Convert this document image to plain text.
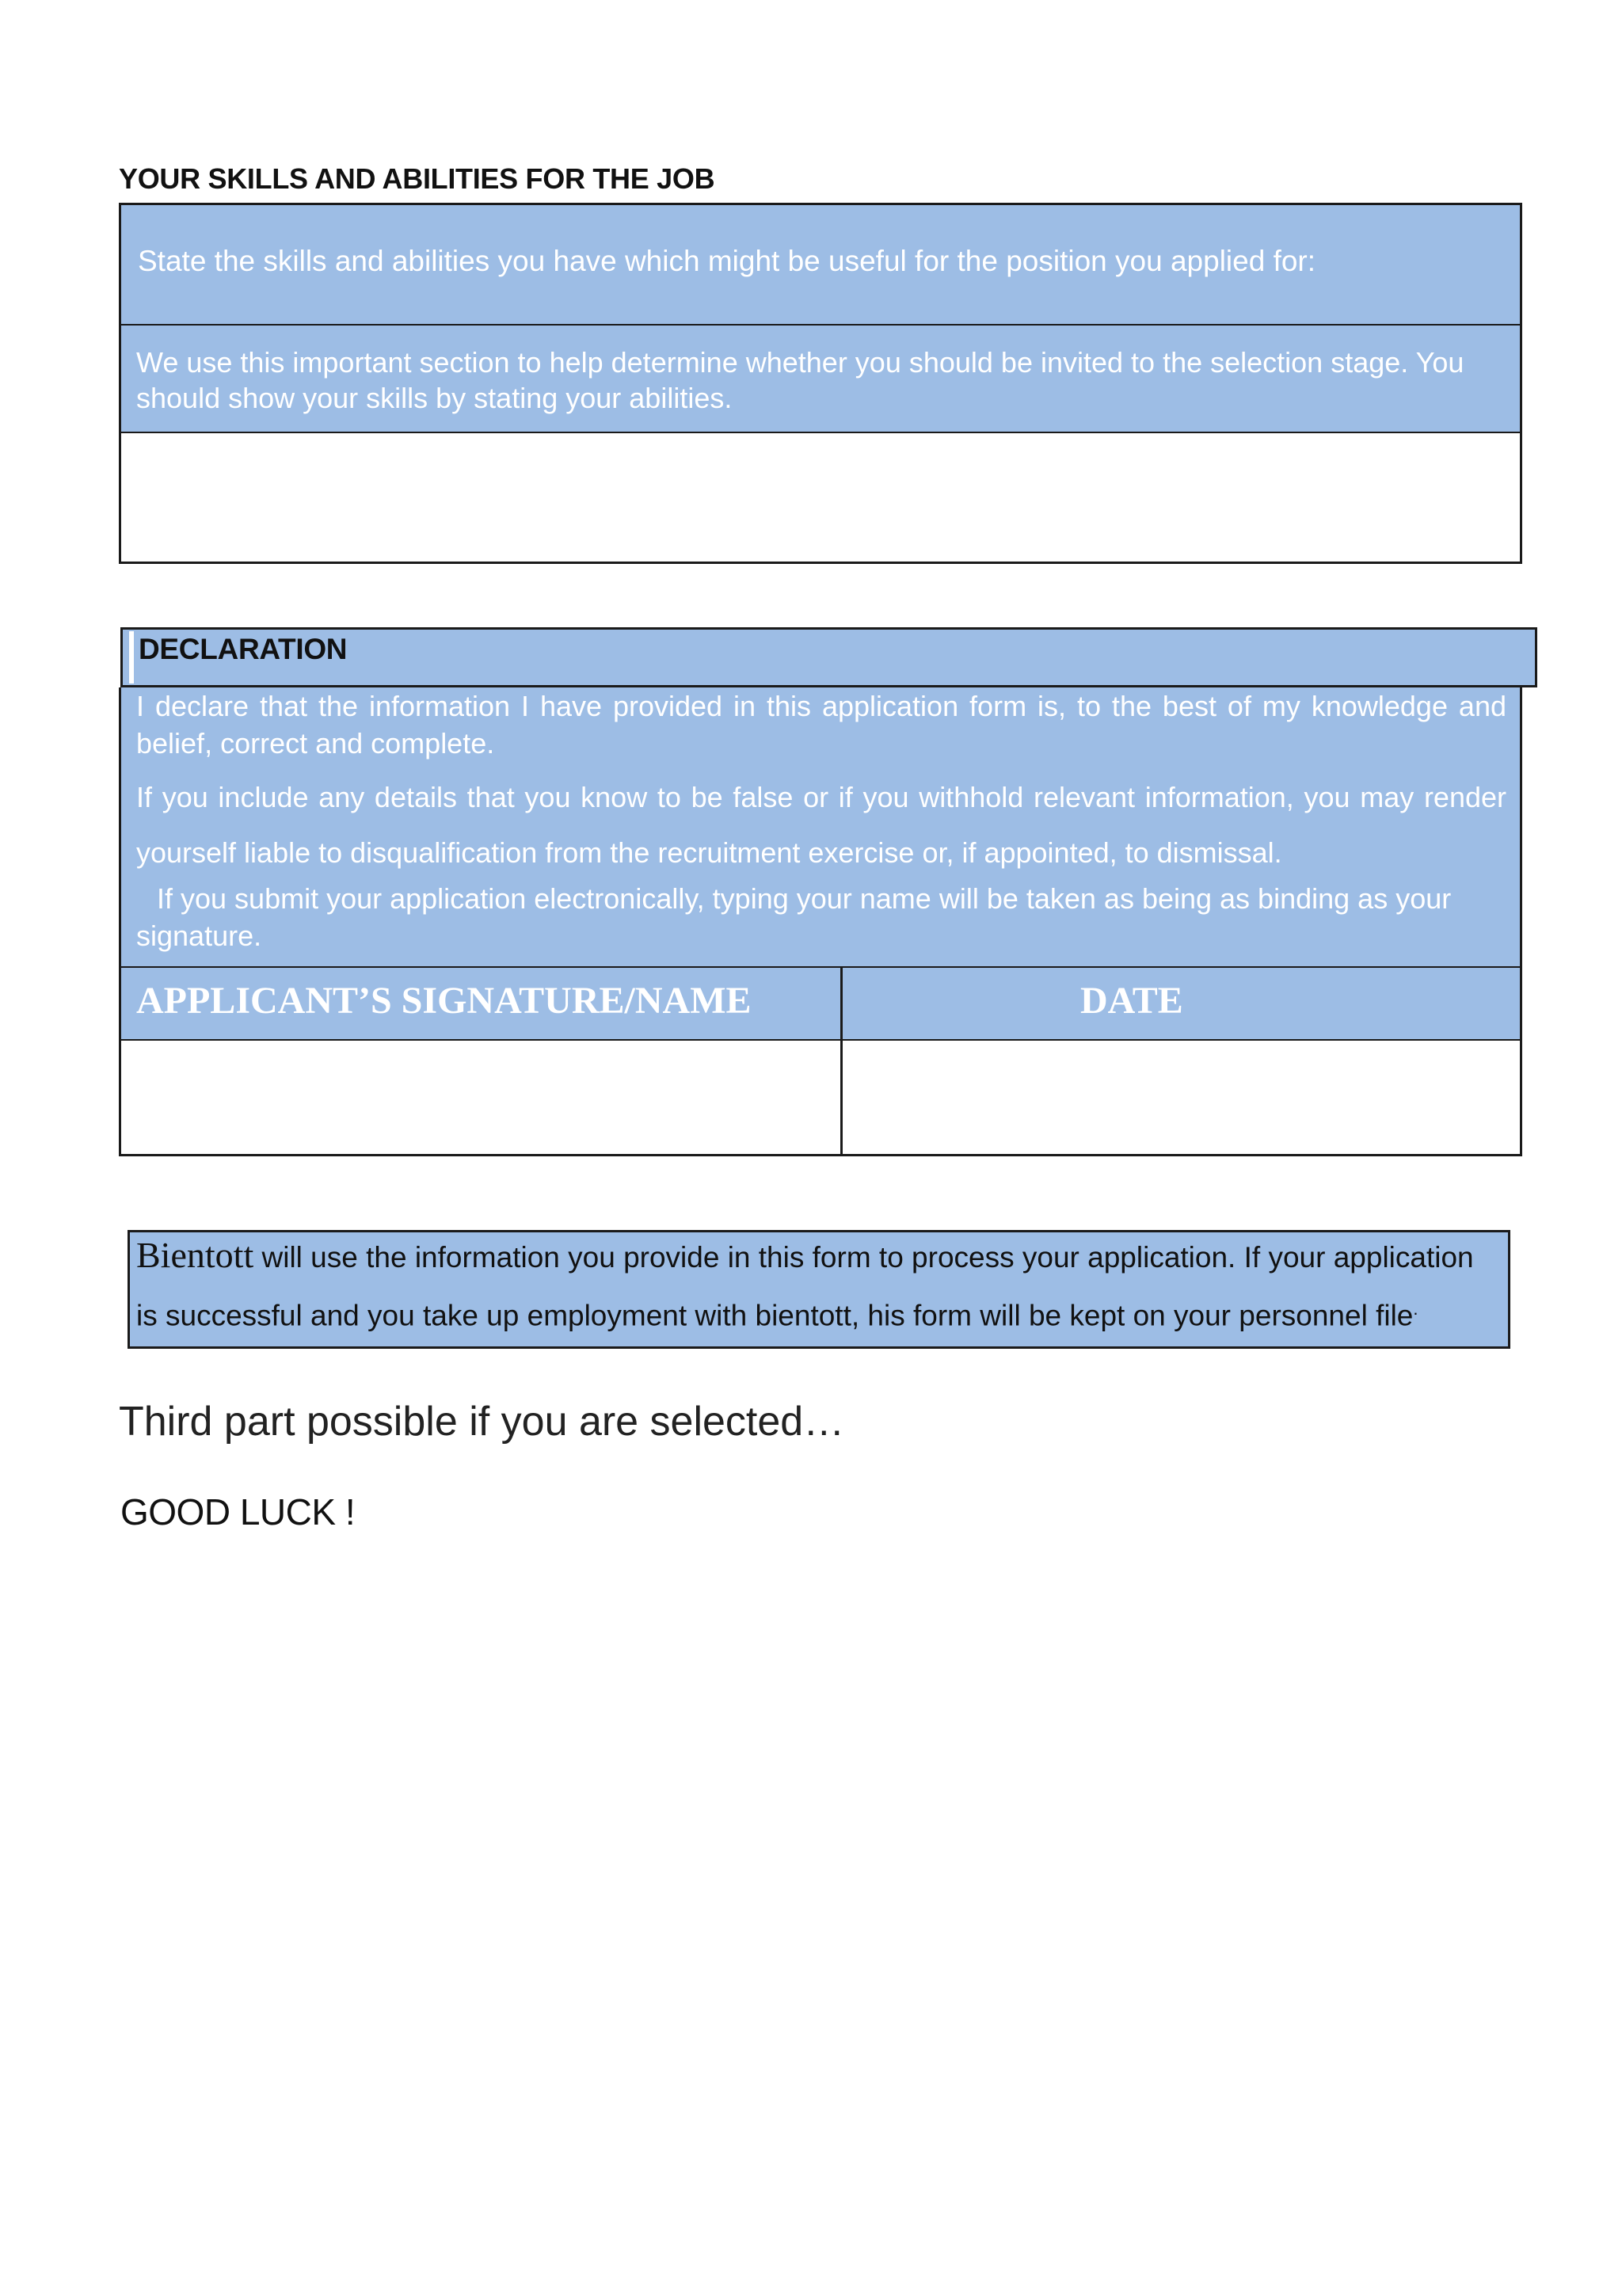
YOUR SKILLS AND ABILITIES FOR THE JOB
State the skills and abilities you have which might be useful for the position you applied for:
We use this important section to help determine whether you should be invited to the selection stage. You should show your skills by stating your abilities.
DECLARATION
I declare that the information I have provided in this application form is, to the best of my knowledge and belief, correct and complete.
If you include any details that you know to be false or if you withhold relevant information, you may render yourself liable to disqualification from the recruitment exercise or, if appointed, to dismissal.
If you submit your application electronically, typing your name will be taken as being as binding as your signature.
APPLICANT’S SIGNATURE/NAME	DATE
Bientott will use the information you provide in this form to process your application. If your application
is successful and you take up employment with bientott, his form will be kept on your personnel file.
Third part possible if you are selected…
GOOD LUCK !
